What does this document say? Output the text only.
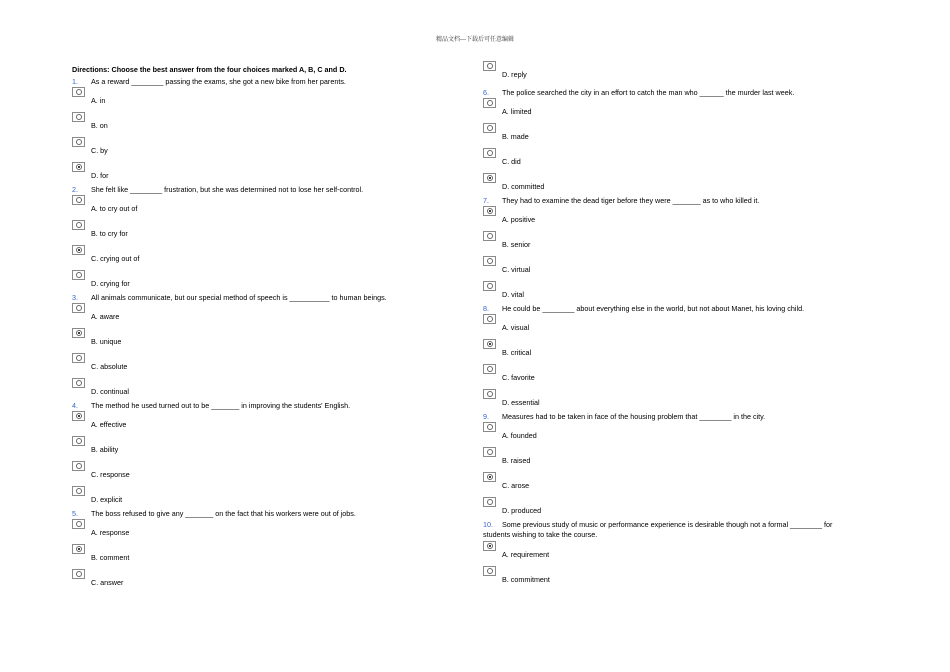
精品文档---下载后可任意编辑
Directions: Choose the best answer from the four choices marked A, B, C and D.
1. As a reward ________ passing the exams, she got a new bike from her parents.
A. in
B. on
C. by
D. for
2. She felt like ________ frustration, but she was determined not to lose her self-control.
A. to cry out of
B. to cry for
C. crying out of
D. crying for
3. All animals communicate, but our special method of speech is __________ to human beings.
A. aware
B. unique
C. absolute
D. continual
4. The method he used turned out to be _______ in improving the students' English.
A. effective
B. ability
C. response
D. explicit
5. The boss refused to give any _______ on the fact that his workers were out of jobs.
A. response
B. comment
C. answer
D. reply
6. The police searched the city in an effort to catch the man who ______ the murder last week.
A. limited
B. made
C. did
D. committed
7. They had to examine the dead tiger before they were _______ as to who killed it.
A. positive
B. senior
C. virtual
D. vital
8. He could be ________ about everything else in the world, but not about Manet, his loving child.
A. visual
B. critical
C. favorite
D. essential
9. Measures had to be taken in face of the housing problem that ________ in the city.
A. founded
B. raised
C. arose
D. produced
10. Some previous study of music or performance experience is desirable though not a formal ________ for
students wishing to take the course.
A. requirement
B. commitment
